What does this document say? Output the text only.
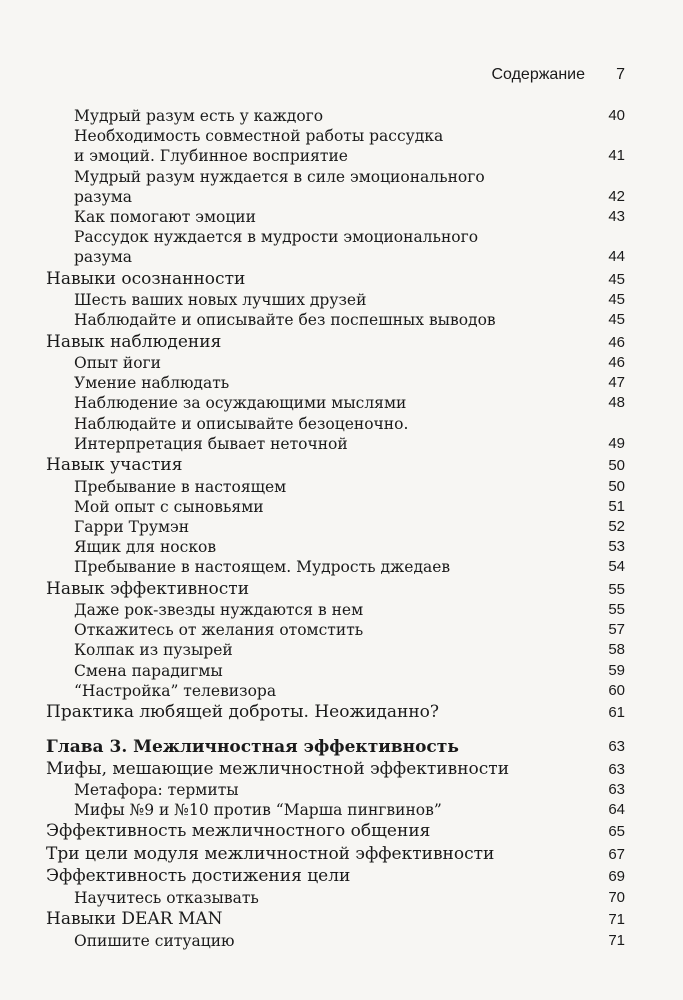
Содержание 7
Мудрый разум есть у каждого	40
Необходимость совместной работы рассудка
и эмоций. Глубинное восприятие	41
Мудрый разум нуждается в силе эмоционального
разума	42
Как помогают эмоции	43
Рассудок нуждается в мудрости эмоционального
разума	44
Навыки осознанности	45
Шесть ваших новых лучших друзей	45
Наблюдайте и описывайте без поспешных выводов	45
Навык наблюдения	46
Опыт йоги	46
Умение наблюдать	47
Наблюдение за осуждающими мыслями	48
Наблюдайте и описывайте безоценочно.
Интерпретация бывает неточной	49
Навык участия	50
Пребывание в настоящем	50
Мой опыт с сыновьями	51
Гарри Трумэн	52
Ящик для носков	53
Пребывание в настоящем. Мудрость джедаев	54
Навык эффективности	55
Даже рок-звезды нуждаются в нем	55
Откажитесь от желания отомстить	57
Колпак из пузырей	58
Смена парадигмы	59
“Настройка” телевизора	60
Практика любящей доброты. Неожиданно?	61
Глава 3. Межличностная эффективность	63
Мифы, мешающие межличностной эффективности	63
Метафора: термиты	63
Мифы №9 и №10 против “Марша пингвинов”	64
Эффективность межличностного общения	65
Три цели модуля межличностной эффективности	67
Эффективность достижения цели	69
Научитесь отказывать	70
Навыки DEAR MAN	71
Опишите ситуацию	71
